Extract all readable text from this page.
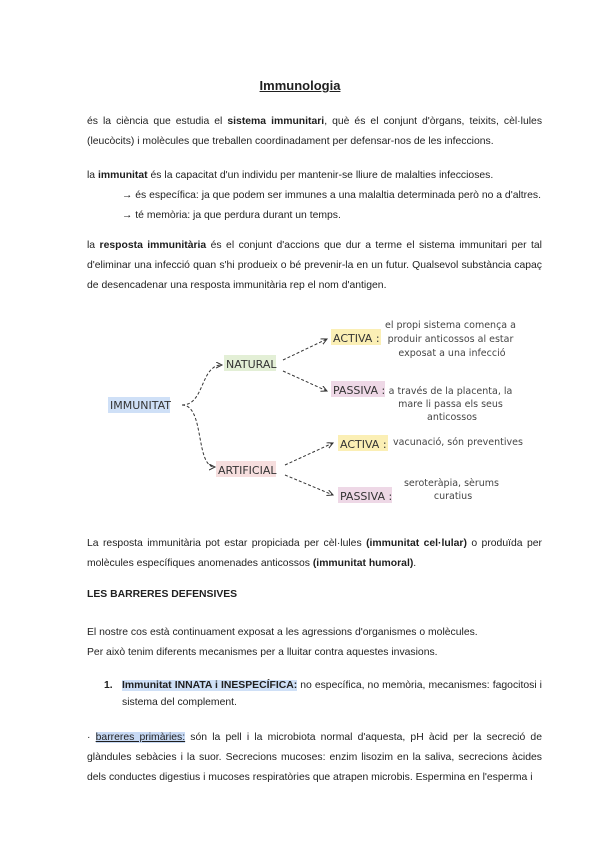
Immunologia
és la ciència que estudia el sistema immunitari, què és el conjunt d'òrgans, teixits, cèl·lules (leucòcits) i molècules que treballen coordinadament per defensar-nos de les infeccions.
la immunitat és la capacitat d'un individu per mantenir-se lliure de malalties infeccioses.
→ és específica: ja que podem ser immunes a una malaltia determinada però no a d'altres.
→ té memòria: ja que perdura durant un temps.
la resposta immunitària és el conjunt d'accions que dur a terme el sistema immunitari per tal d'eliminar una infecció quan s'hi produeix o bé prevenir-la en un futur. Qualsevol substància capaç de desencadenar una resposta immunitària rep el nom d'antigen.
IMMUNITAT
NATURAL
ARTIFICIAL
ACTIVA :
el propi sistema comença a produir anticossos al estar exposat a una infecció
PASSIVA : a través de la placenta, la mare li passa els seus anticossos
ACTIVA : vacunació, són preventives
PASSIVA :
seroteràpia, sèrums curatius
La resposta immunitària pot estar propiciada per cèl·lules (immunitat cel·lular) o produïda per molècules específiques anomenades anticossos (immunitat humoral).
LES BARRERES DEFENSIVES
El nostre cos està continuament exposat a les agressions d'organismes o molècules.
Per això tenim diferents mecanismes per a lluitar contra aquestes invasions.
1. Immunitat INNATA i INESPECÍFICA: no específica, no memòria, mecanismes: fagocitosi i sistema del complement.
· barreres primàries: són la pell i la microbiota normal d'aquesta, pH àcid per la secreció de glàndules sebàcies i la suor. Secrecions mucoses: enzim lisozim en la saliva, secrecions àcides dels conductes digestius i mucoses respiratòries que atrapen microbis. Espermina en l'esperma i
